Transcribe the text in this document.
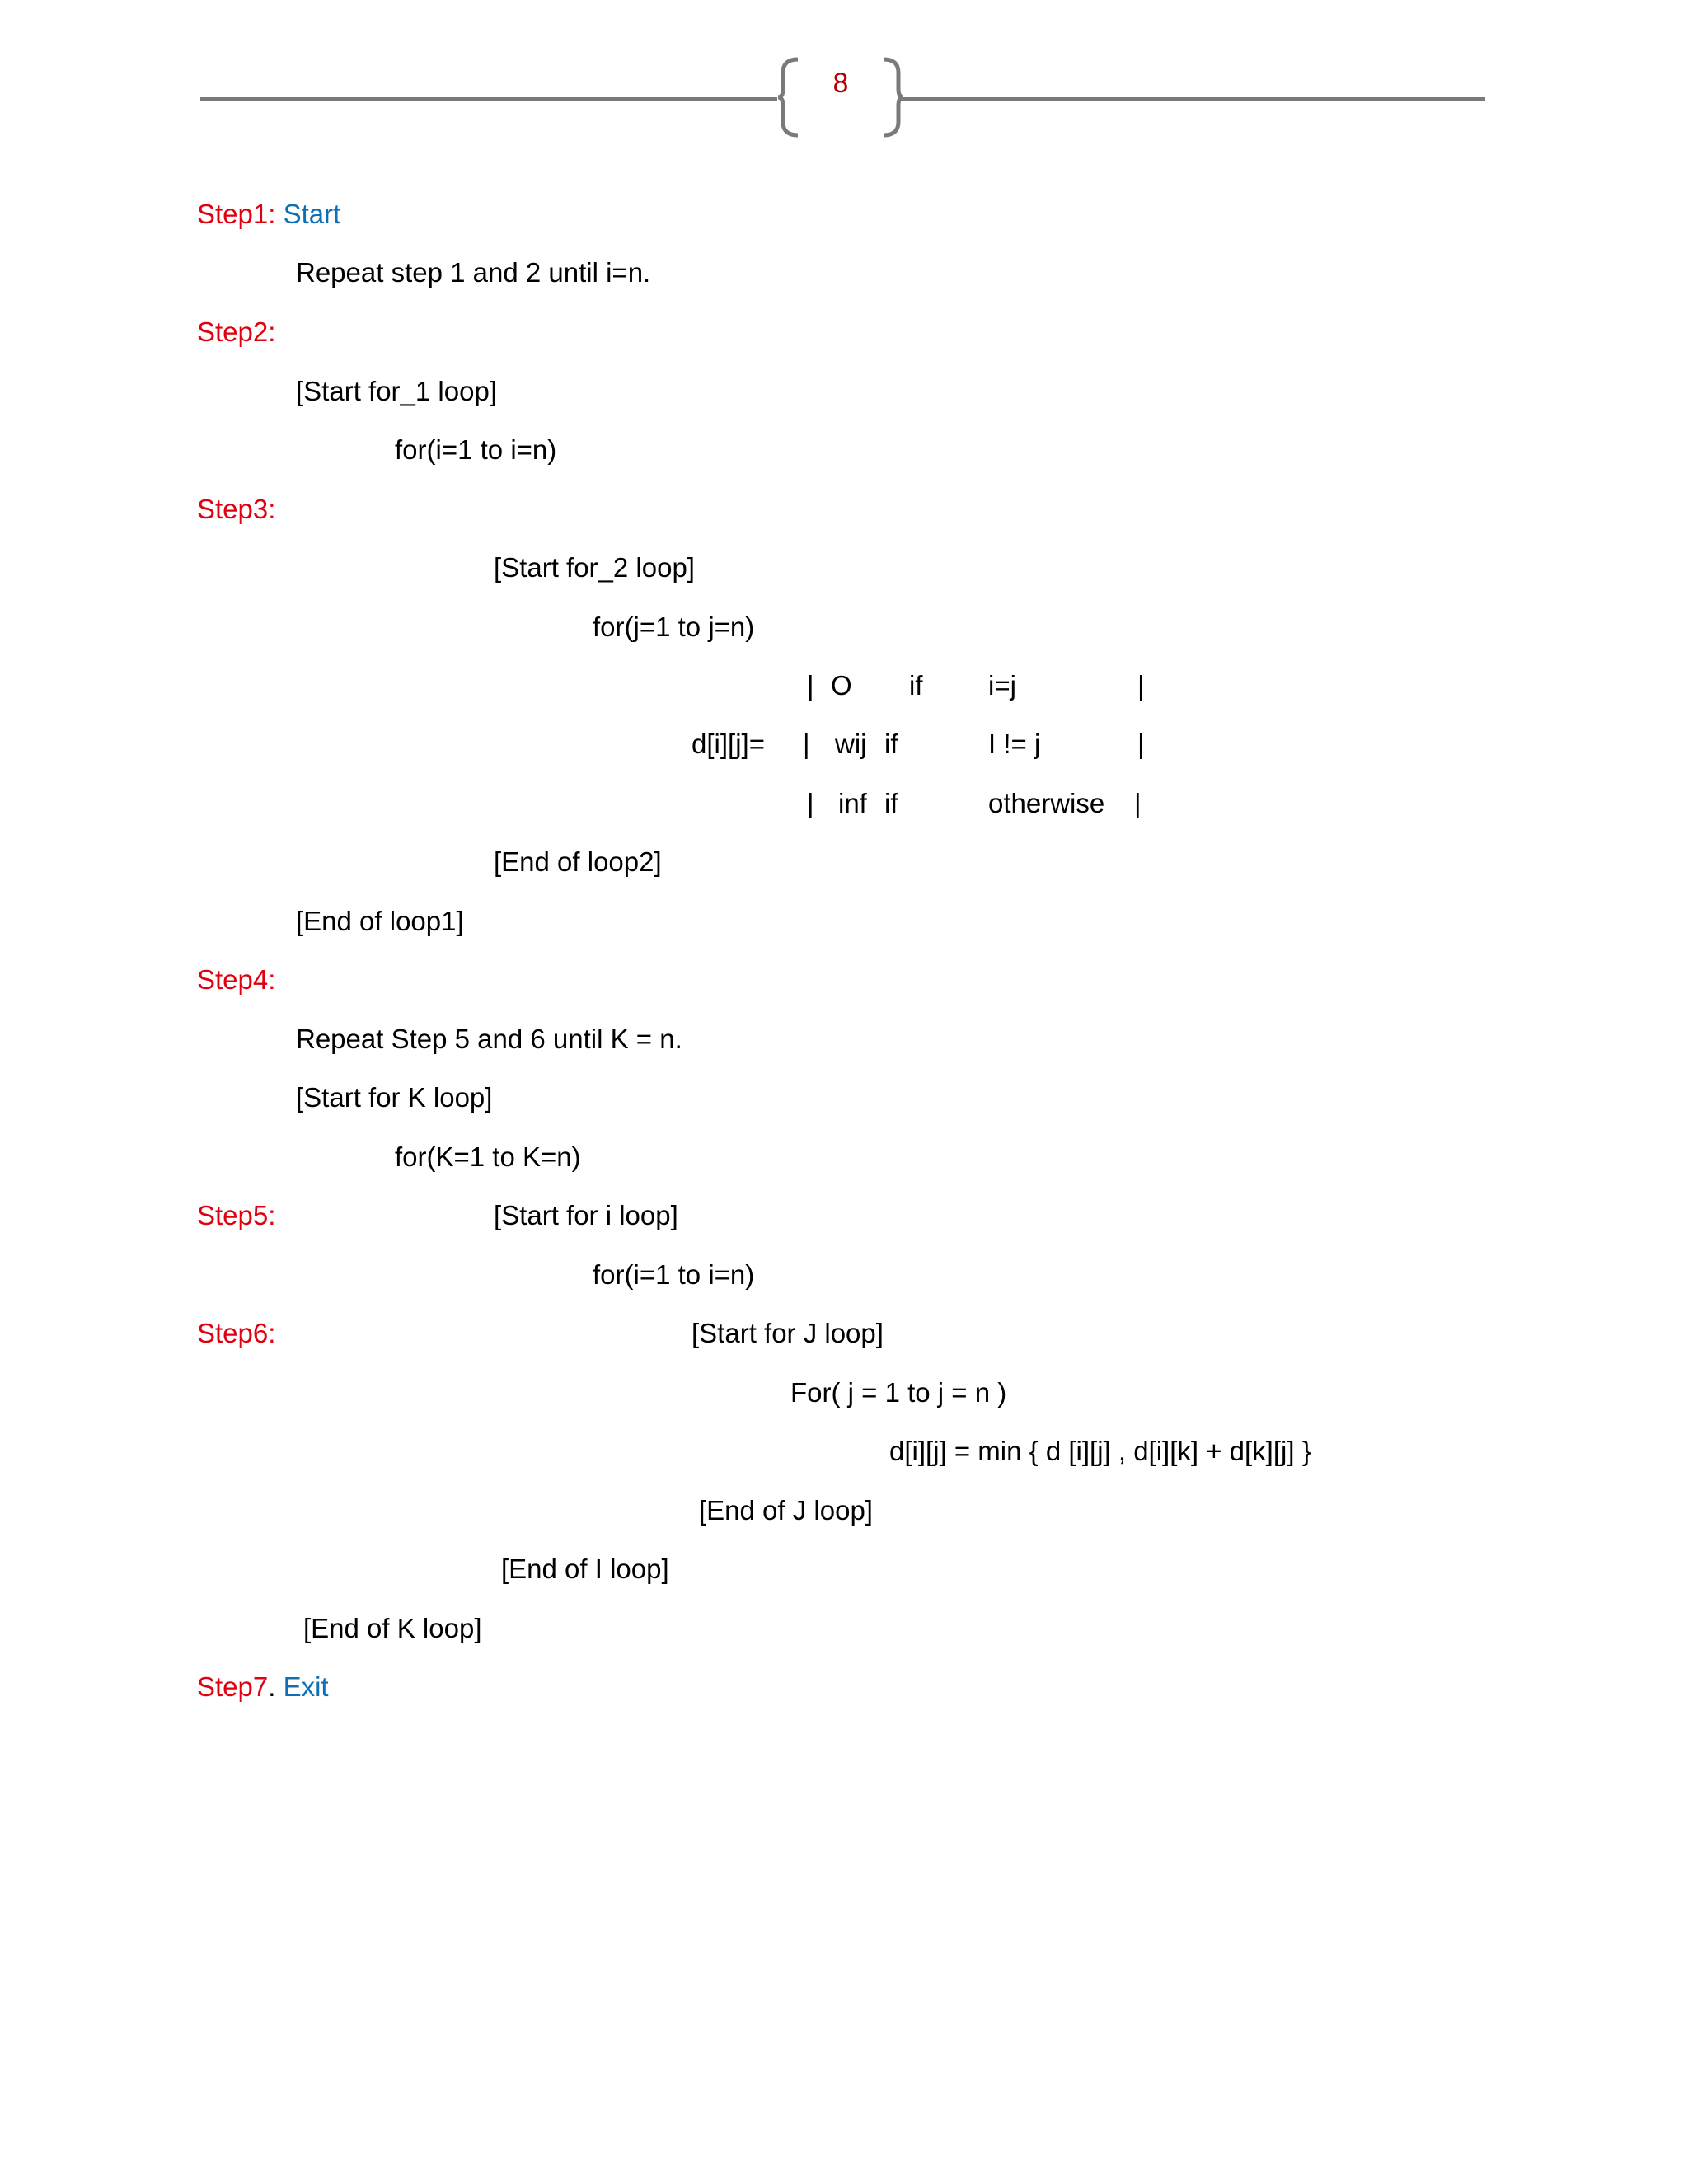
8
Step1: Start
Repeat step 1 and 2 until i=n.
Step2:
[Start for_1 loop]
for(i=1 to i=n)
Step3:
[Start for_2 loop]
for(j=1 to j=n)
| O if i=j	|
d[i][j]= | wij if	I != j	|
| inf if	otherwise |
[End of loop2]
[End of loop1]
Step4:
Repeat Step 5 and 6 until K = n.
[Start for K loop]
for(K=1 to K=n)
Step5:	[Start for i loop]
for(i=1 to i=n)
Step6:	[Start for J loop]
For( j = 1 to j = n )
d[i][j] = min { d [i][j] , d[i][k] + d[k][j] }
[End of J loop]
[End of I loop]
[End of K loop]
Step7. Exit
